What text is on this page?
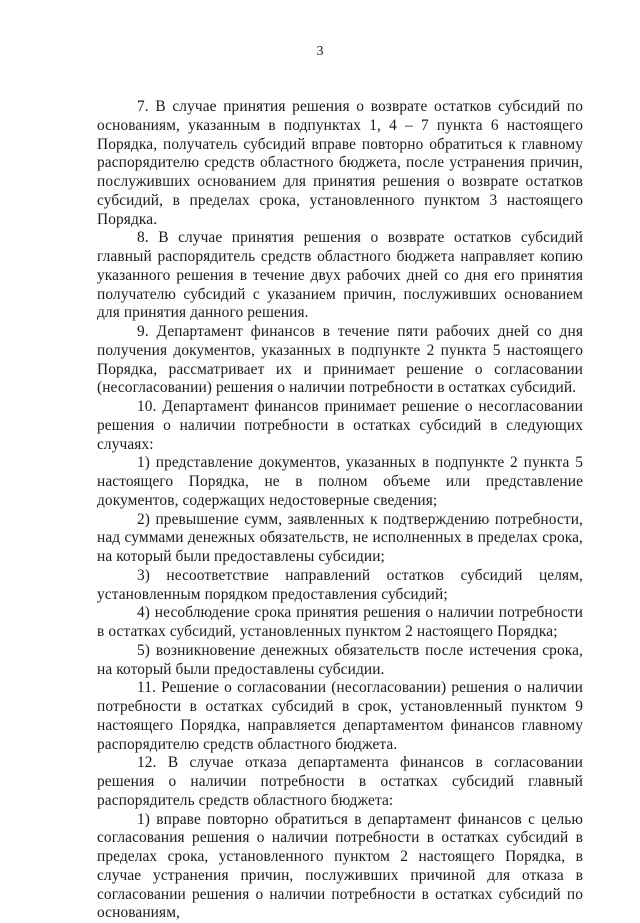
3

7. В случае принятия решения о возврате остатков субсидий по основаниям, указанным в подпунктах 1, 4 – 7 пункта 6 настоящего Порядка, получатель субсидий вправе повторно обратиться к главному распорядителю средств областного бюджета, после устранения причин, послуживших основанием для принятия решения о возврате остатков субсидий, в пределах срока, установленного пунктом 3 настоящего Порядка.

8. В случае принятия решения о возврате остатков субсидий главный распорядитель средств областного бюджета направляет копию указанного решения в течение двух рабочих дней со дня его принятия получателю субсидий с указанием причин, послуживших основанием для принятия данного решения.

9. Департамент финансов в течение пяти рабочих дней со дня получения документов, указанных в подпункте 2 пункта 5 настоящего Порядка, рассматривает их и принимает решение о согласовании (несогласовании) решения о наличии потребности в остатках субсидий.

10. Департамент финансов принимает решение о несогласовании решения о наличии потребности в остатках субсидий в следующих случаях:

1) представление документов, указанных в подпункте 2 пункта 5 настоящего Порядка, не в полном объеме или представление документов, содержащих недостоверные сведения;

2) превышение сумм, заявленных к подтверждению потребности, над суммами денежных обязательств, не исполненных в пределах срока, на который были предоставлены субсидии;

3) несоответствие направлений остатков субсидий целям, установленным порядком предоставления субсидий;

4) несоблюдение срока принятия решения о наличии потребности в остатках субсидий, установленных пунктом 2 настоящего Порядка;

5) возникновение денежных обязательств после истечения срока, на который были предоставлены субсидии.

11. Решение о согласовании (несогласовании) решения о наличии потребности в остатках субсидий в срок, установленный пунктом 9 настоящего Порядка, направляется департаментом финансов главному распорядителю средств областного бюджета.

12. В случае отказа департамента финансов в согласовании решения о наличии потребности в остатках субсидий главный распорядитель средств областного бюджета:

1) вправе повторно обратиться в департамент финансов с целью согласования решения о наличии потребности в остатках субсидий в пределах срока, установленного пунктом 2 настоящего Порядка, в случае устранения причин, послуживших причиной для отказа в согласовании решения о наличии потребности в остатках субсидий по основаниям,
